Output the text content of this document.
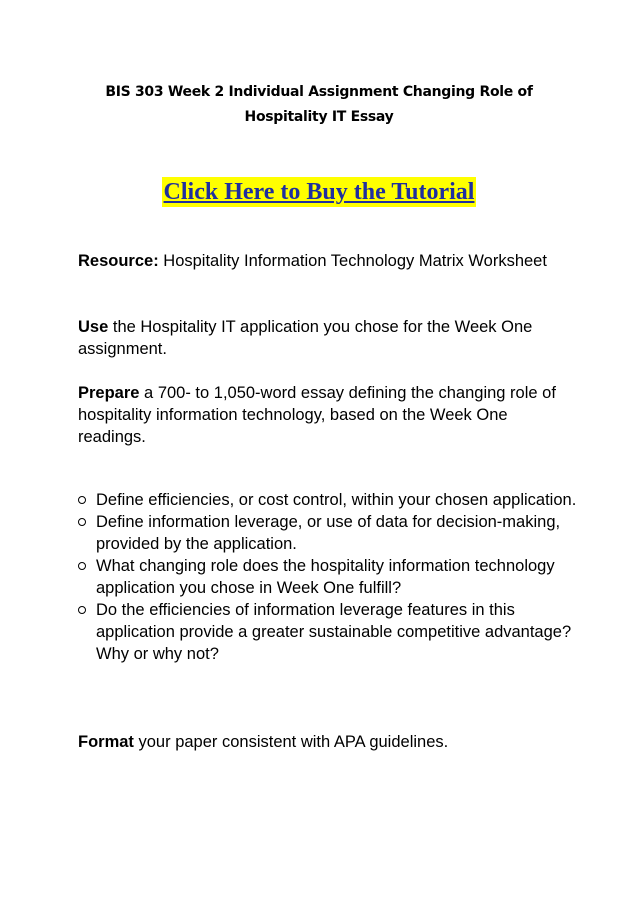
BIS 303 Week 2 Individual Assignment Changing Role of
Hospitality IT Essay
Click Here to Buy the Tutorial

Resource: Hospitality Information Technology Matrix Worksheet

Use the Hospitality IT application you chose for the Week One assignment.

Prepare a 700- to 1,050-word essay defining the changing role of hospitality information technology, based on the Week One readings.

Define efficiencies, or cost control, within your chosen application.
Define information leverage, or use of data for decision-making, provided by the application.
What changing role does the hospitality information technology application you chose in Week One fulfill?
Do the efficiencies of information leverage features in this application provide a greater sustainable competitive advantage? Why or why not?

Format your paper consistent with APA guidelines.
